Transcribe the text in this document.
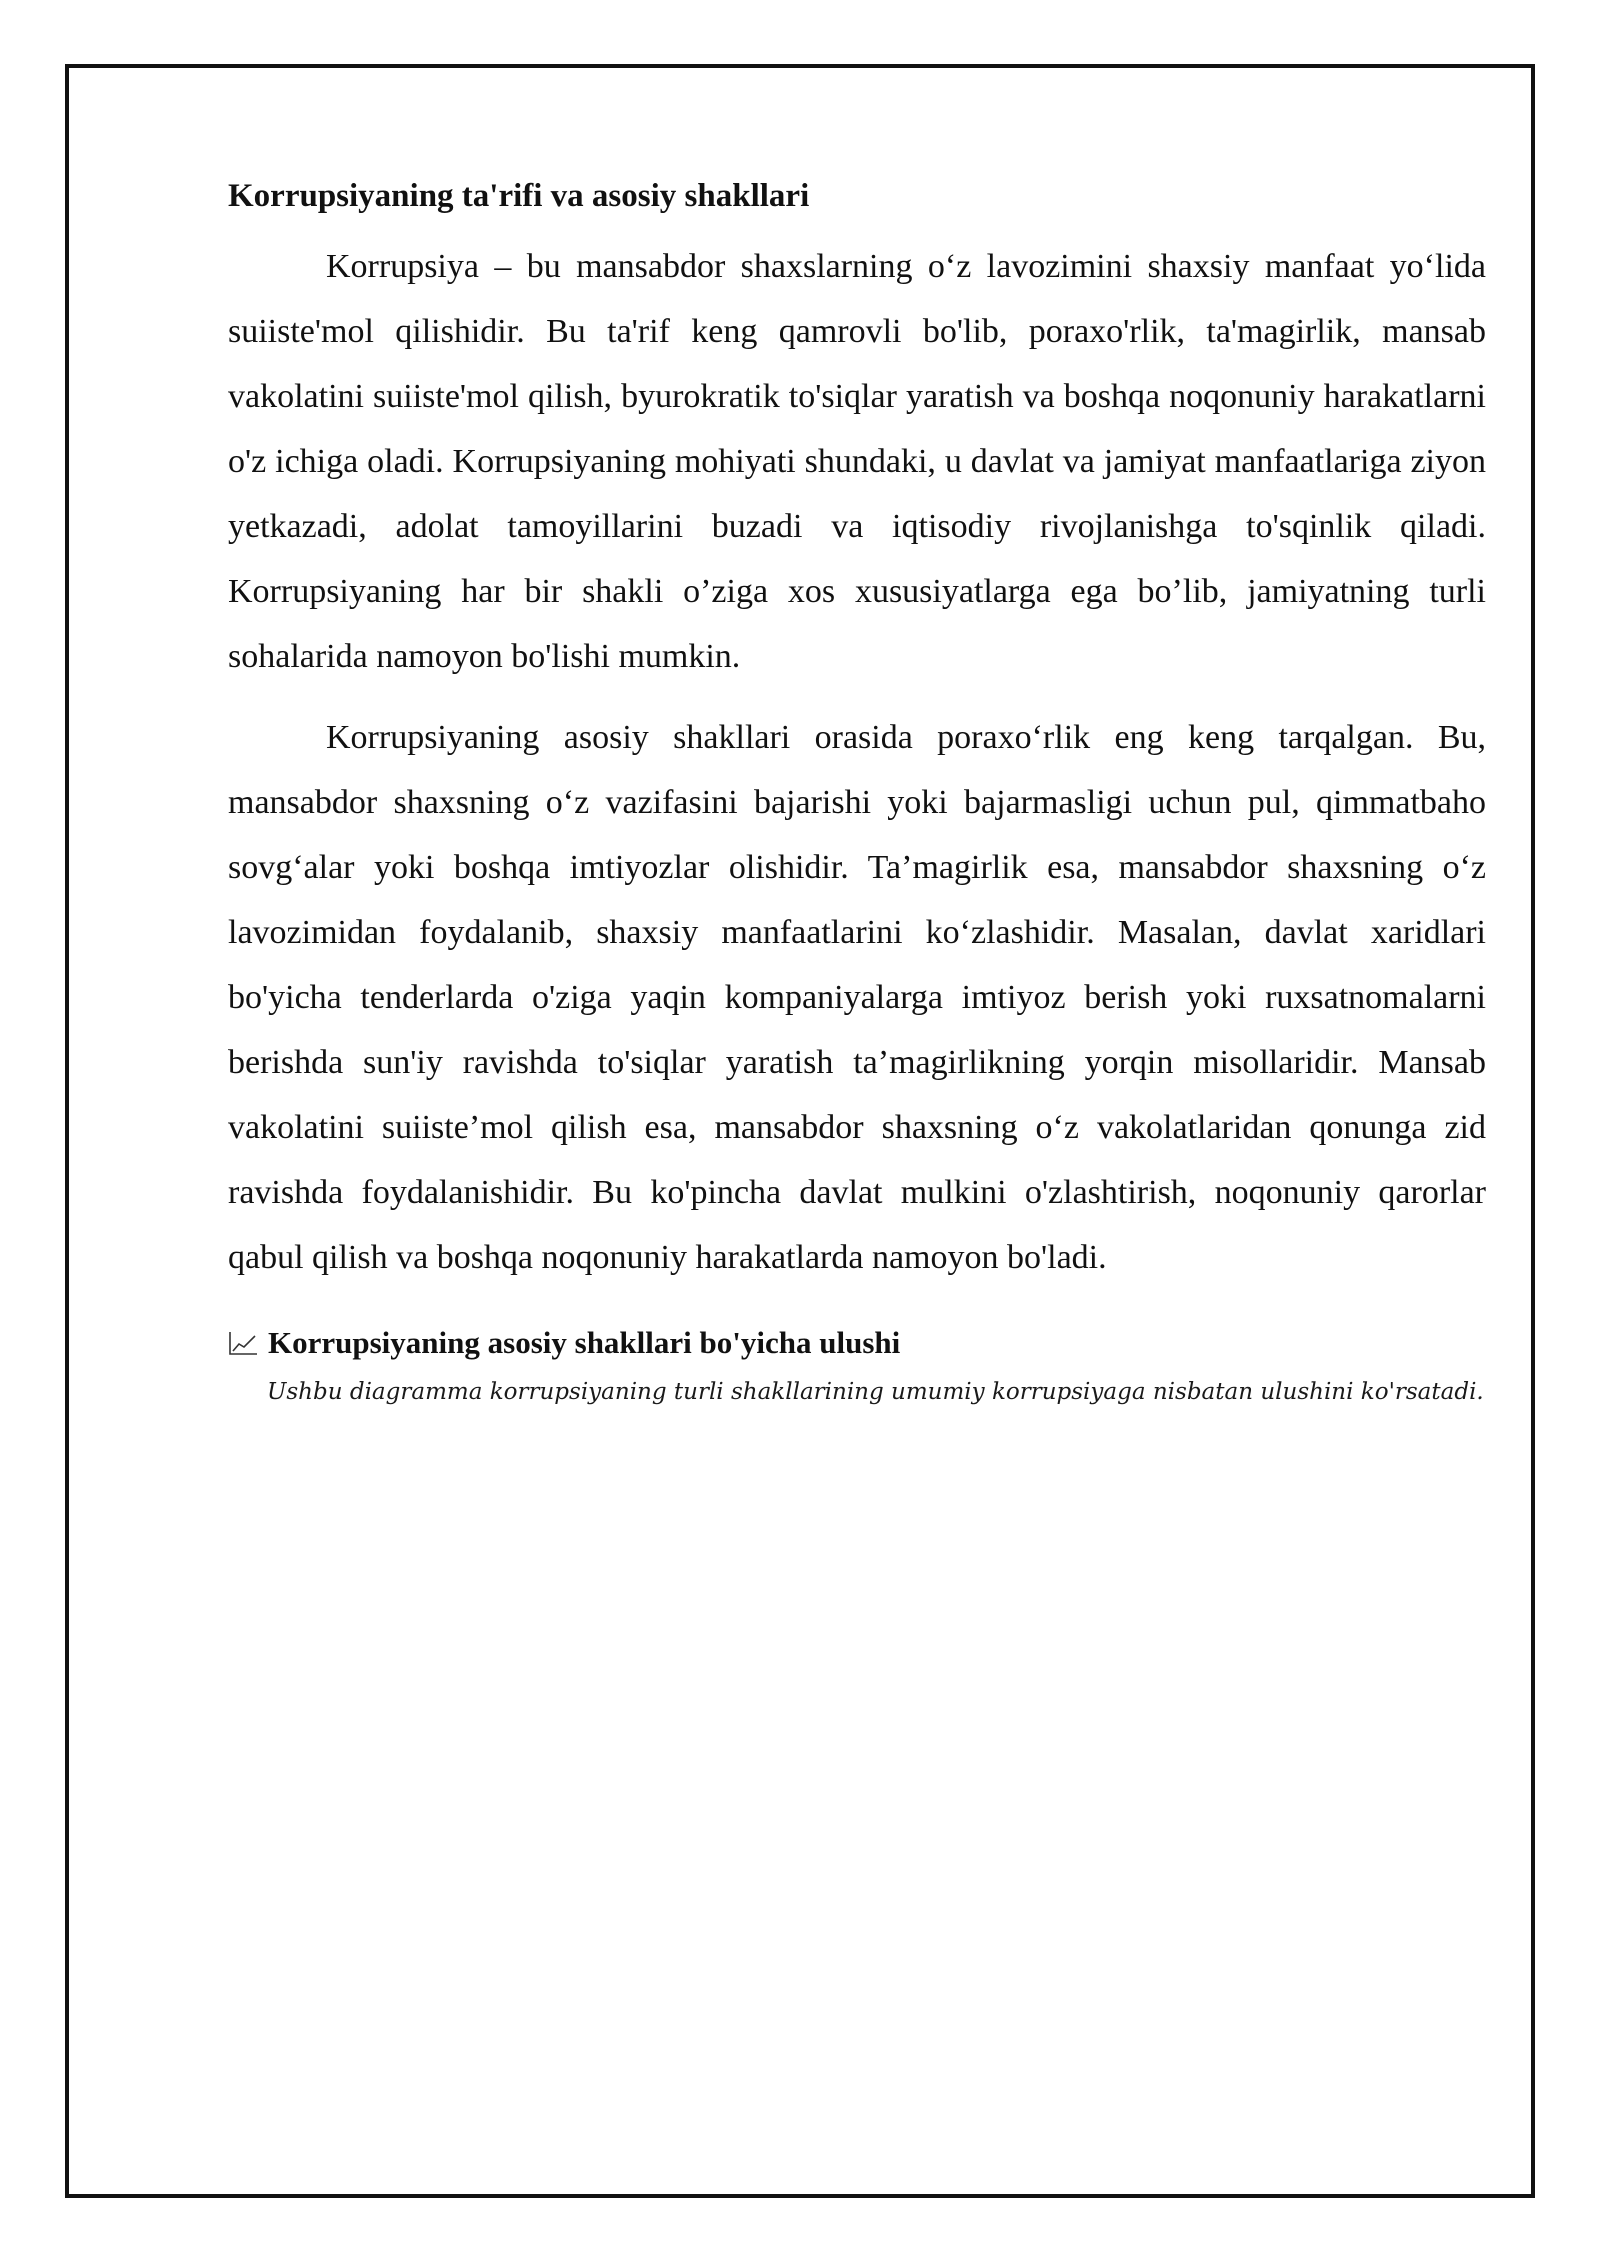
Korrupsiyaning ta'rifi va asosiy shakllari

Korrupsiya – bu mansabdor shaxslarning o‘z lavozimini shaxsiy manfaat yo‘lida suiiste'mol qilishidir. Bu ta'rif keng qamrovli bo'lib, poraxo'rlik, ta'magirlik, mansab vakolatini suiiste'mol qilish, byurokratik to'siqlar yaratish va boshqa noqonuniy harakatlarni o'z ichiga oladi. Korrupsiyaning mohiyati shundaki, u davlat va jamiyat manfaatlariga ziyon yetkazadi, adolat tamoyillarini buzadi va iqtisodiy rivojlanishga to'sqinlik qiladi. Korrupsiyaning har bir shakli o’ziga xos xususiyatlarga ega bo’lib, jamiyatning turli sohalarida namoyon bo'lishi mumkin.

Korrupsiyaning asosiy shakllari orasida poraxo‘rlik eng keng tarqalgan. Bu, mansabdor shaxsning o‘z vazifasini bajarishi yoki bajarmasligi uchun pul, qimmatbaho sovg‘alar yoki boshqa imtiyozlar olishidir. Ta’magirlik esa, mansabdor shaxsning o‘z lavozimidan foydalanib, shaxsiy manfaatlarini ko‘zlashidir. Masalan, davlat xaridlari bo'yicha tenderlarda o'ziga yaqin kompaniyalarga imtiyoz berish yoki ruxsatnomalarni berishda sun'iy ravishda to'siqlar yaratish ta’magirlikning yorqin misollaridir. Mansab vakolatini suiiste’mol qilish esa, mansabdor shaxsning o‘z vakolatlaridan qonunga zid ravishda foydalanishidir. Bu ko'pincha davlat mulkini o'zlashtirish, noqonuniy qarorlar qabul qilish va boshqa noqonuniy harakatlarda namoyon bo'ladi.

Korrupsiyaning asosiy shakllari bo'yicha ulushi
Ushbu diagramma korrupsiyaning turli shakllarining umumiy korrupsiyaga nisbatan ulushini ko'rsatadi.
